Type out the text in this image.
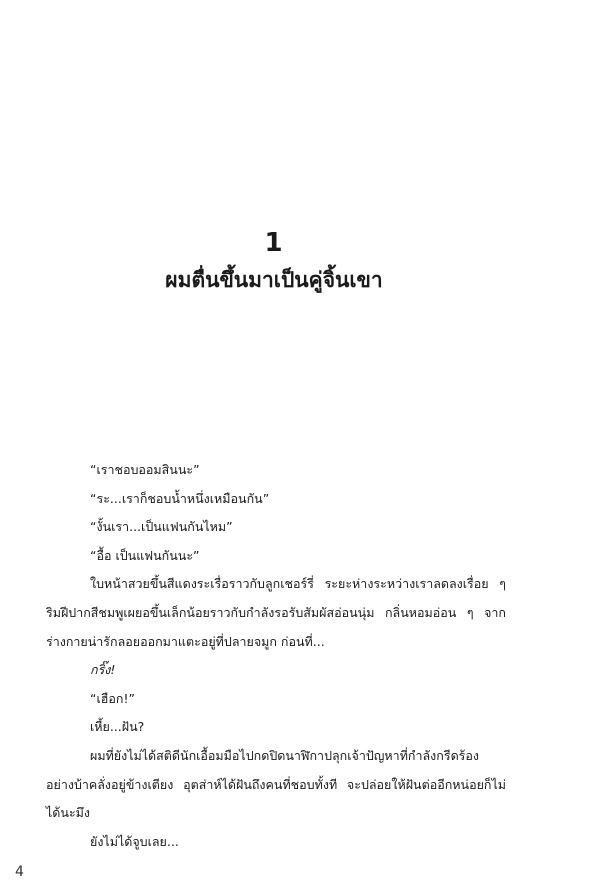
1
ผมตื่นขึ้นมาเป็นคู่จิ้นเขา

“เราชอบออมสินนะ”

“ระ...เราก็ชอบน้ำหนึ่งเหมือนกัน”

“งั้นเรา...เป็นแฟนกันไหม”

“อื้อ เป็นแฟนกันนะ”

ใบหน้าสวยขึ้นสีแดงระเรื่อราวกับลูกเชอร์รี่ ระยะห่างระหว่างเราลดลงเรื่อย ๆ ริมฝีปากสีชมพูเผยอขึ้นเล็กน้อยราวกับกำลังรอรับสัมผัสอ่อนนุ่ม กลิ่นหอมอ่อน ๆ จากร่างกายน่ารักลอยออกมาแตะอยู่ที่ปลายจมูก ก่อนที่...

กริ๊ง!

“เฮือก!”

เหี้ย...ฝัน?

ผมที่ยังไม่ได้สติดีนักเอื้อมมือไปกดปิดนาฬิกาปลุกเจ้าปัญหาที่กำลังกรีดร้องอย่างบ้าคลั่งอยู่ข้างเตียง อุตส่าห์ได้ฝันถึงคนที่ชอบทั้งที จะปล่อยให้ฝันต่ออีกหน่อยก็ไม่ได้นะมึง

ยังไม่ได้จูบเลย...

4
